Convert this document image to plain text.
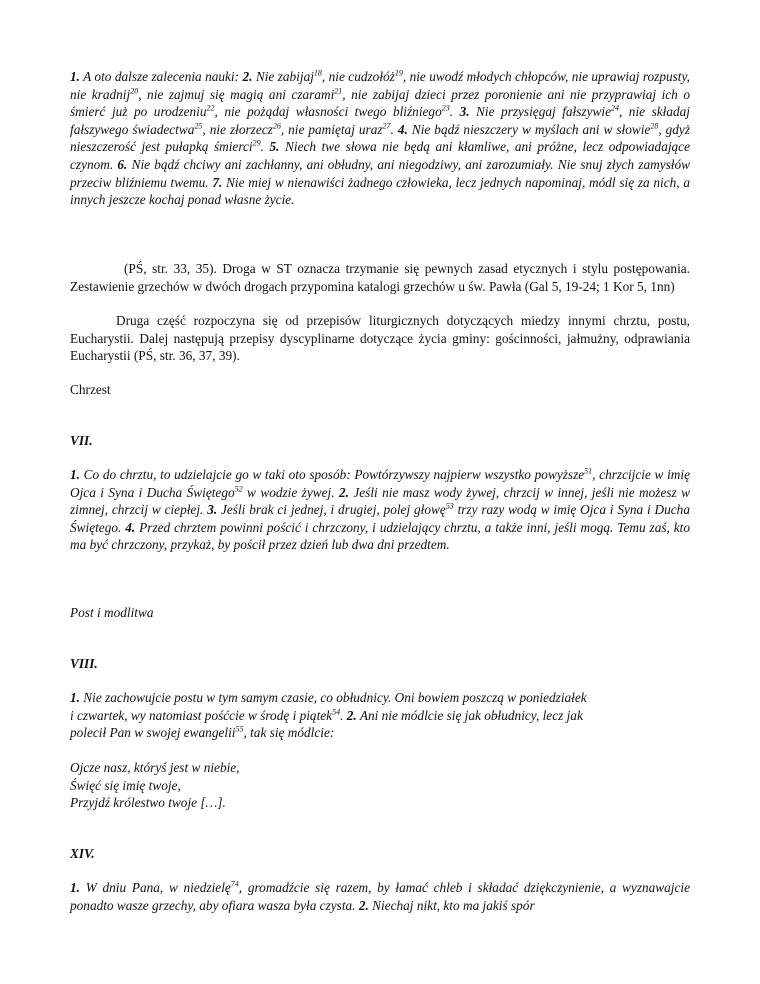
1. A oto dalsze zalecenia nauki: 2. Nie zabijaj$^{18}$, nie cudzołóż$^{19}$, nie uwodź młodych chłopców, nie uprawiaj rozpusty, nie kradnij$^{20}$, nie zajmuj się magią ani czarami$^{21}$, nie zabijaj dzieci przez poronienie ani nie przyprawiaj ich o śmierć już po urodzeniu$^{22}$, nie pożądaj własności twego bliźniego$^{23}$. 3. Nie przysięgaj fałszywie$^{24}$, nie składaj fałszywego świadectwa$^{25}$, nie złorzecz$^{26}$, nie pamiętaj uraz$^{27}$. 4. Nie bądź nieszczery w myślach ani w słowie$^{28}$, gdyż nieszczerość jest pułapką śmierci$^{29}$. 5. Niech twe słowa nie będą ani kłamliwe, ani próżne, lecz odpowiadające czynom. 6. Nie bądź chciwy ani zachłanny, ani obłudny, ani niegodziwy, ani zarozumiały. Nie snuj złych zamysłów przeciw bliźniemu twemu. 7. Nie miej w nienawiści żadnego człowieka, lecz jednych napominaj, módl się za nich, a innych jeszcze kochaj ponad własne życie.

(PŚ, str. 33, 35). Droga w ST oznacza trzymanie się pewnych zasad etycznych i stylu postępowania. Zestawienie grzechów w dwóch drogach przypomina katalogi grzechów u św. Pawła (Gal 5, 19-24; 1 Kor 5, 1nn)

Druga część rozpoczyna się od przepisów liturgicznych dotyczących miedzy innymi chrztu, postu, Eucharystii. Dalej następują przepisy dyscyplinarne dotyczące życia gminy: gościnności, jałmużny, odprawiania Eucharystii (PŚ, str. 36, 37, 39).

Chrzest

VII.

1. Co do chrztu, to udzielajcie go w taki oto sposób: Powtórzywszy najpierw wszystko powyższe$^{51}$, chrzcijcie w imię Ojca i Syna i Ducha Świętego$^{52}$ w wodzie żywej. 2. Jeśli nie masz wody żywej, chrzcij w innej, jeśli nie możesz w zimnej, chrzcij w ciepłej. 3. Jeśli brak ci jednej, i drugiej, polej głowę$^{53}$ trzy razy wodą w imię Ojca i Syna i Ducha Świętego. 4. Przed chrztem powinni pościć i chrzczony, i udzielający chrztu, a także inni, jeśli mogą. Temu zaś, kto ma być chrzczony, przykaż, by pościł przez dzień lub dwa dni przedtem.

Post i modlitwa

VIII.

1. Nie zachowujcie postu w tym samym czasie, co obłudnicy. Oni bowiem poszczą w poniedziałek
i czwartek, wy natomiast pośćcie w środę i piątek$^{54}$. 2. Ani nie módlcie się jak obłudnicy, lecz jak
polecił Pan w swojej ewangelii$^{55}$, tak się módlcie:

Ojcze nasz, któryś jest w niebie,
Święć się imię twoje,
Przyjdź królestwo twoje […].

XIV.

1. W dniu Pana, w niedzielę$^{74}$, gromadźcie się razem, by łamać chleb i składać dziękczynienie, a wyznawajcie ponadto wasze grzechy, aby ofiara wasza była czysta. 2. Niechaj nikt, kto ma jakiś spór
